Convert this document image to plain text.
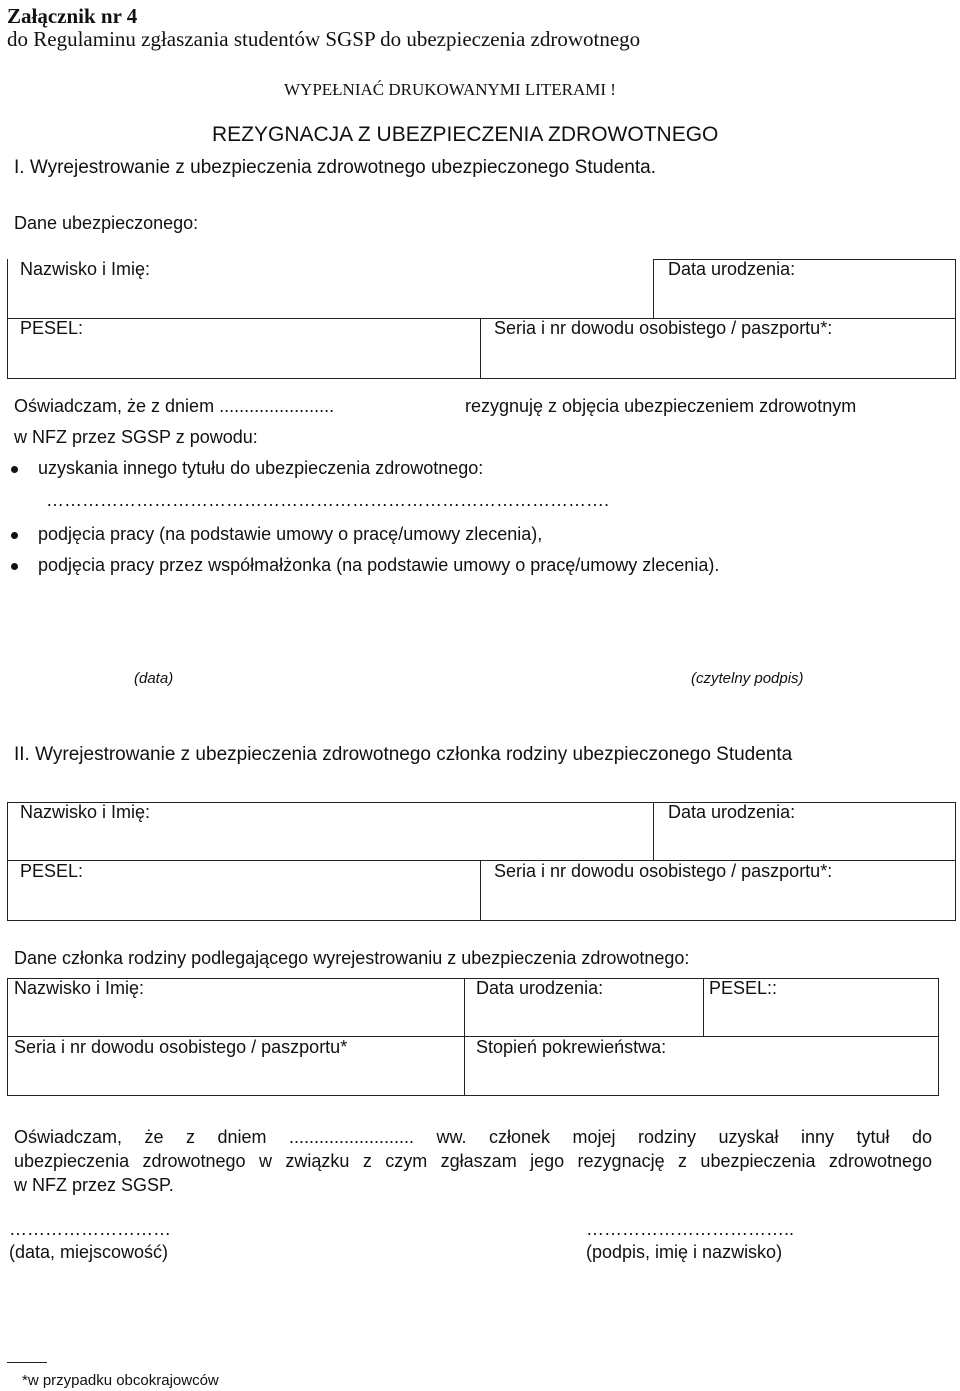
Załącznik nr 4
do Regulaminu zgłaszania studentów SGSP do ubezpieczenia zdrowotnego
WYPEŁNIAĆ DRUKOWANYMI LITERAMI !
REZYGNACJA Z UBEZPIECZENIA ZDROWOTNEGO
I. Wyrejestrowanie z ubezpieczenia zdrowotnego ubezpieczonego Studenta.
Dane ubezpieczonego:
Nazwisko i Imię:	Data urodzenia:
PESEL:	Seria i nr dowodu osobistego / paszportu*:
Oświadczam, że z dniem .......................	rezygnuję z objęcia ubezpieczeniem zdrowotnym
w NFZ przez SGSP z powodu:
uzyskania innego tytułu do ubezpieczenia zdrowotnego:
………………………………………………………………………………….
podjęcia pracy (na podstawie umowy o pracę/umowy zlecenia),
podjęcia pracy przez współmałżonka (na podstawie umowy o pracę/umowy zlecenia).
(data)	(czytelny podpis)
II. Wyrejestrowanie z ubezpieczenia zdrowotnego członka rodziny ubezpieczonego Studenta
Nazwisko i Imię:	Data urodzenia:
PESEL:	Seria i nr dowodu osobistego / paszportu*:
Dane członka rodziny podlegającego wyrejestrowaniu z ubezpieczenia zdrowotnego:
Nazwisko i Imię:	Data urodzenia:	PESEL::
Seria i nr dowodu osobistego / paszportu*	Stopień pokrewieństwa:
Oświadczam, że z dniem ......................... ww. członek mojej rodziny uzyskał inny tytuł do
ubezpieczenia zdrowotnego w związku z czym zgłaszam jego rezygnację z ubezpieczenia zdrowotnego
w NFZ przez SGSP.
………………………	……………………………..
(data, miejscowość)	(podpis, imię i nazwisko)
*w przypadku obcokrajowców
